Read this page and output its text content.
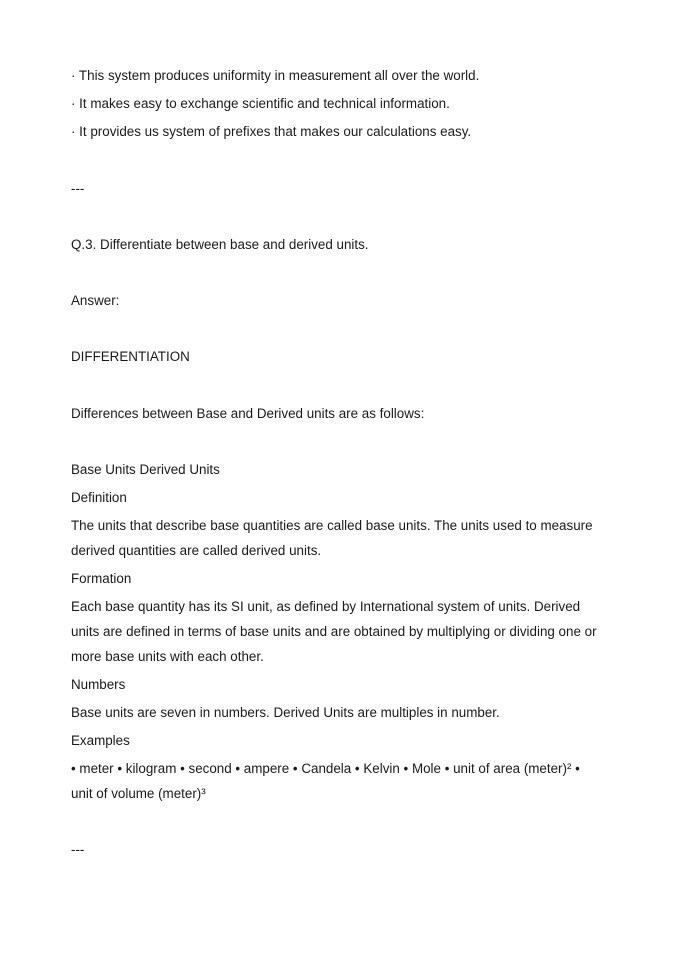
· This system produces uniformity in measurement all over the world.
· It makes easy to exchange scientific and technical information.
· It provides us system of prefixes that makes our calculations easy.
---
Q.3. Differentiate between base and derived units.
Answer:
DIFFERENTIATION
Differences between Base and Derived units are as follows:
Base Units Derived Units
Definition
The units that describe base quantities are called base units. The units used to measure
derived quantities are called derived units.
Formation
Each base quantity has its SI unit, as defined by International system of units. Derived
units are defined in terms of base units and are obtained by multiplying or dividing one or
more base units with each other.
Numbers
Base units are seven in numbers. Derived Units are multiples in number.
Examples
• meter • kilogram • second • ampere • Candela • Kelvin • Mole • unit of area (meter)² •
unit of volume (meter)³
---
